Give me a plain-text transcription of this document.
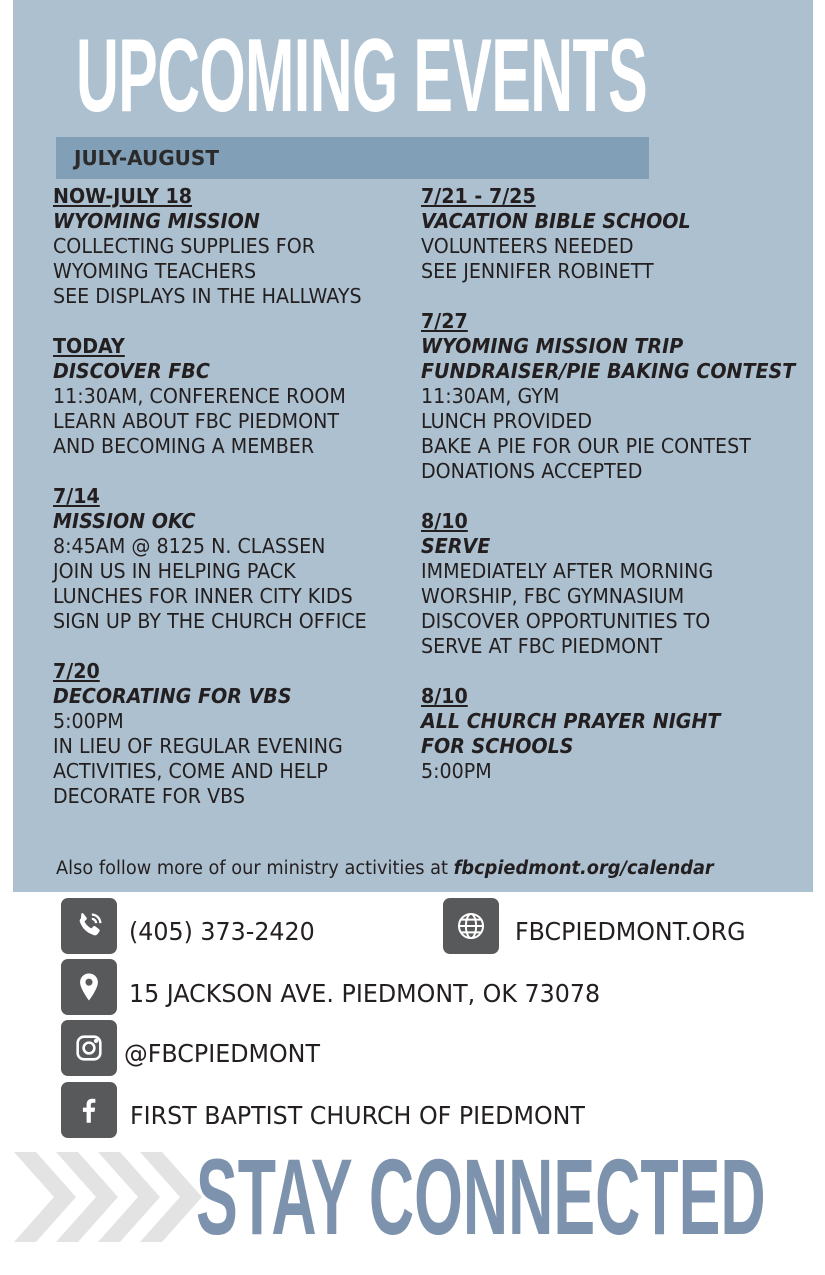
UPCOMING EVENTS
JULY-AUGUST
NOW-JULY 18
WYOMING MISSION
COLLECTING SUPPLIES FOR
WYOMING TEACHERS
SEE DISPLAYS IN THE HALLWAYS
TODAY
DISCOVER FBC
11:30AM, CONFERENCE ROOM
LEARN ABOUT FBC PIEDMONT
AND BECOMING A MEMBER
7/14
MISSION OKC
8:45AM @ 8125 N. CLASSEN
JOIN US IN HELPING PACK
LUNCHES FOR INNER CITY KIDS
SIGN UP BY THE CHURCH OFFICE
7/20
DECORATING FOR VBS
5:00PM
IN LIEU OF REGULAR EVENING
ACTIVITIES, COME AND HELP
DECORATE FOR VBS
7/21 - 7/25
VACATION BIBLE SCHOOL
VOLUNTEERS NEEDED
SEE JENNIFER ROBINETT
7/27
WYOMING MISSION TRIP
FUNDRAISER/PIE BAKING CONTEST
11:30AM, GYM
LUNCH PROVIDED
BAKE A PIE FOR OUR PIE CONTEST
DONATIONS ACCEPTED
8/10
SERVE
IMMEDIATELY AFTER MORNING
WORSHIP, FBC GYMNASIUM
DISCOVER OPPORTUNITIES TO
SERVE AT FBC PIEDMONT
8/10
ALL CHURCH PRAYER NIGHT
FOR SCHOOLS
5:00PM
Also follow more of our ministry activities at fbcpiedmont.org/calendar
(405) 373-2420	FBCPIEDMONT.ORG
15 JACKSON AVE. PIEDMONT, OK 73078
@FBCPIEDMONT
FIRST BAPTIST CHURCH OF PIEDMONT
STAY CONNECTED
